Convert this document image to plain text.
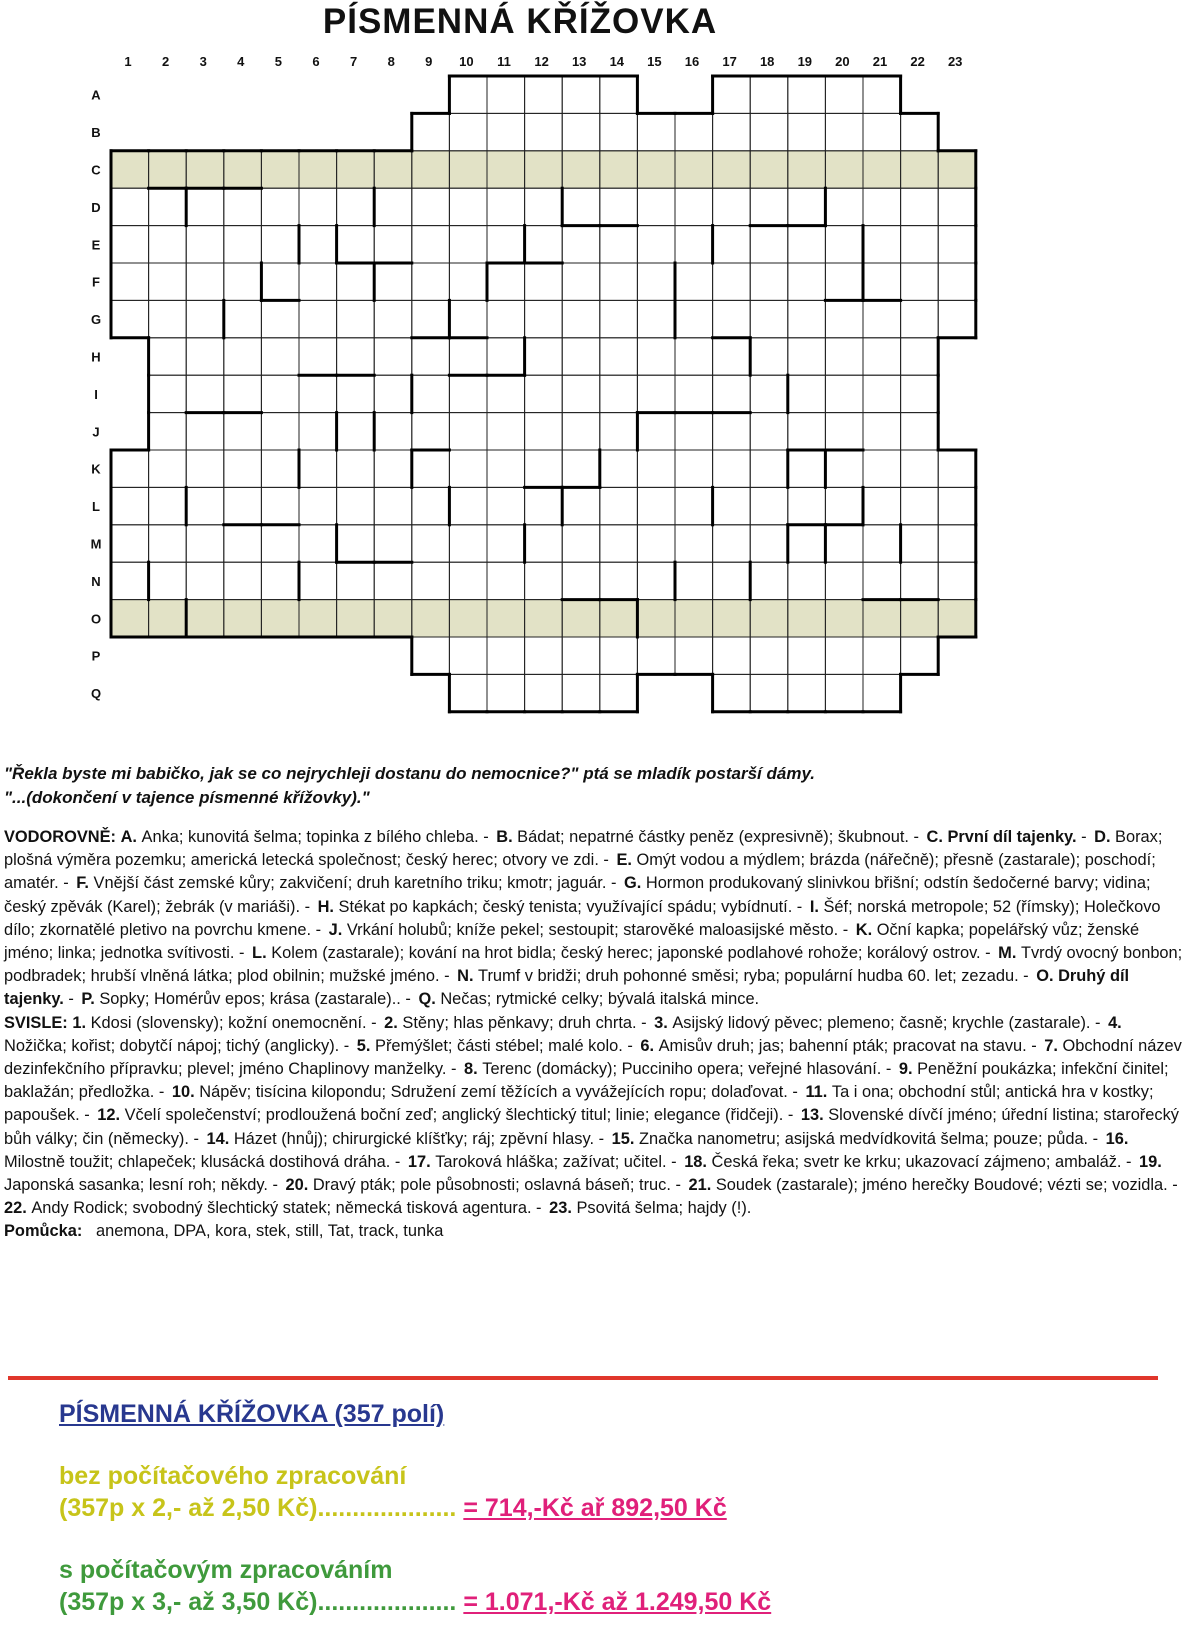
PÍSMENNÁ KŘÍŽOVKA
1 2 3 4 5 6 7 8 9 10 11 12 13 14 15 16 17 18 19 20 21 22 23
A
B
C
D
E
F
G
H
I
J
K
L
M
N
O
P
Q
"Řekla byste mi babičko, jak se co nejrychleji dostanu do nemocnice?" ptá se mladík postarší dámy.
"...(dokončení v tajence písmenné křížovky)."
VODOROVNĚ: A. Anka; kunovitá šelma; topinka z bílého chleba. - B. Bádat; nepatrné částky peněz (expresivně); škubnout. - C. První díl tajenky. - D. Borax; plošná výměra pozemku; americká letecká společnost; český herec; otvory ve zdi. - E. Omýt vodou a mýdlem; brázda (nářečně); přesně (zastarale); poschodí; amatér. - F. Vnější část zemské kůry; zakvičení; druh karetního triku; kmotr; jaguár. - G. Hormon produkovaný slinivkou břišní; odstín šedočerné barvy; vidina; český zpěvák (Karel); žebrák (v mariáši). - H. Stékat po kapkách; český tenista; využívající spádu; vybídnutí. - I. Šéf; norská metropole; 52 (římsky); Holečkovo dílo; zkornatělé pletivo na povrchu kmene. - J. Vrkání holubů; kníže pekel; sestoupit; starověké maloasijské město. - K. Oční kapka; popelářský vůz; ženské jméno; linka; jednotka svítivosti. - L. Kolem (zastarale); kování na hrot bidla; český herec; japonské podlahové rohože; korálový ostrov. - M. Tvrdý ovocný bonbon; podbradek; hrubší vlněná látka; plod obilnin; mužské jméno. - N. Trumf v bridži; druh pohonné směsi; ryba; populární hudba 60. let; zezadu. - O. Druhý díl tajenky. - P. Sopky; Homérův epos; krása (zastarale).. - Q. Nečas; rytmické celky; bývalá italská mince.
SVISLE: 1. Kdosi (slovensky); kožní onemocnění. - 2. Stěny; hlas pěnkavy; druh chrta. - 3. Asijský lidový pěvec; plemeno; časně; krychle (zastarale). - 4. Nožička; kořist; dobytčí nápoj; tichý (anglicky). - 5. Přemýšlet; části stébel; malé kolo. - 6. Amisův druh; jas; bahenní pták; pracovat na stavu. - 7. Obchodní název dezinfekčního přípravku; plevel; jméno Chaplinovy manželky. - 8. Terenc (domácky); Pucciniho opera; veřejné hlasování. - 9. Peněžní poukázka; infekční činitel; baklažán; předložka. - 10. Nápěv; tisícina kilopondu; Sdružení zemí těžících a vyvážejících ropu; dolaďovat. - 11. Ta i ona; obchodní stůl; antická hra v kostky; papoušek. - 12. Včelí společenství; prodloužená boční zeď; anglický šlechtický titul; linie; elegance (řidčeji). - 13. Slovenské dívčí jméno; úřední listina; starořecký bůh války; čin (německy). - 14. Házet (hnůj); chirurgické klíšťky; ráj; zpěvní hlasy. - 15. Značka nanometru; asijská medvídkovitá šelma; pouze; půda. - 16. Milostně toužit; chlapeček; klusácká dostihová dráha. - 17. Taroková hláška; zažívat; učitel. - 18. Česká řeka; svetr ke krku; ukazovací zájmeno; ambaláž. - 19. Japonská sasanka; lesní roh; někdy. - 20. Dravý pták; pole působnosti; oslavná báseň; truc. - 21. Soudek (zastarale); jméno herečky Boudové; vézti se; vozidla. - 22. Andy Rodick; svobodný šlechtický statek; německá tisková agentura. - 23. Psovitá šelma; hajdy (!).
Pomůcka: anemona, DPA, kora, stek, still, Tat, track, tunka
PÍSMENNÁ KŘÍŽOVKA (357 polí)
bez počítačového zpracování
(357p x 2,- až 2,50 Kč).................... = 714,-Kč ař 892,50 Kč
s počítačovým zpracováním
(357p x 3,- až 3,50 Kč).................... = 1.071,-Kč až 1.249,50 Kč
